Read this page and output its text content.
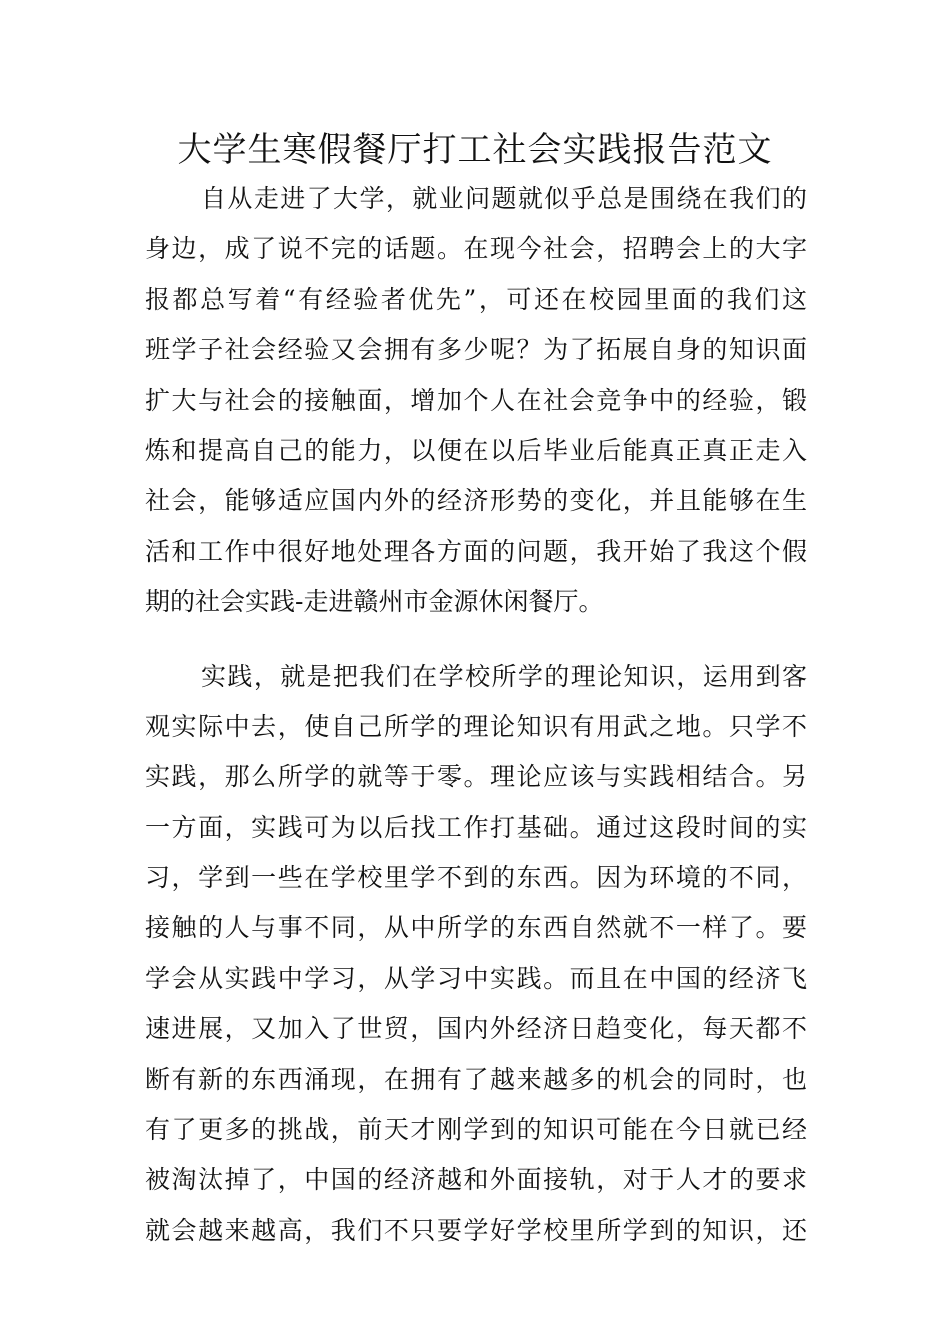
大学生寒假餐厅打工社会实践报告范文
自从走进了大学，就业问题就似乎总是围绕在我们的
身边，成了说不完的话题。在现今社会，招聘会上的大字
报都总写着“有经验者优先”，可还在校园里面的我们这
班学子社会经验又会拥有多少呢？为了拓展自身的知识面
扩大与社会的接触面，增加个人在社会竞争中的经验，锻
炼和提高自己的能力，以便在以后毕业后能真正真正走入
社会，能够适应国内外的经济形势的变化，并且能够在生
活和工作中很好地处理各方面的问题，我开始了我这个假
期的社会实践-走进赣州市金源休闲餐厅。
实践，就是把我们在学校所学的理论知识，运用到客
观实际中去，使自己所学的理论知识有用武之地。只学不
实践，那么所学的就等于零。理论应该与实践相结合。另
一方面，实践可为以后找工作打基础。通过这段时间的实
习，学到一些在学校里学不到的东西。因为环境的不同，
接触的人与事不同，从中所学的东西自然就不一样了。要
学会从实践中学习，从学习中实践。而且在中国的经济飞
速进展，又加入了世贸，国内外经济日趋变化，每天都不
断有新的东西涌现，在拥有了越来越多的机会的同时，也
有了更多的挑战，前天才刚学到的知识可能在今日就已经
被淘汰掉了，中国的经济越和外面接轨，对于人才的要求
就会越来越高，我们不只要学好学校里所学到的知识，还
